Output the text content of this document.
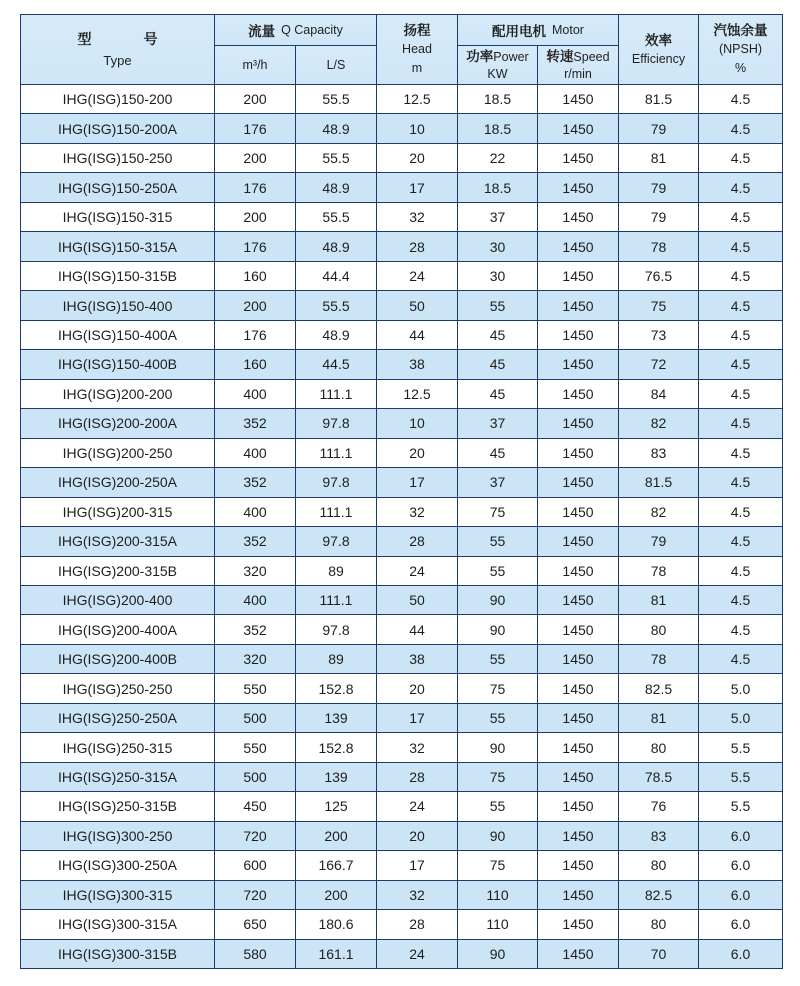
型	号
Type
流量 Q Capacity
m³/h	L/S
扬程
Head
m
配用电机 Motor
功率Power
KW
转速Speed
r/min
效率
Efficiency
汽蚀余量
(NPSH)
%
IHG(ISG)150-200	200	55.5	12.5	18.5	1450	81.5	4.5
IHG(ISG)150-200A	176	48.9	10	18.5	1450	79	4.5
IHG(ISG)150-250	200	55.5	20	22	1450	81	4.5
IHG(ISG)150-250A	176	48.9	17	18.5	1450	79	4.5
IHG(ISG)150-315	200	55.5	32	37	1450	79	4.5
IHG(ISG)150-315A	176	48.9	28	30	1450	78	4.5
IHG(ISG)150-315B	160	44.4	24	30	1450	76.5	4.5
IHG(ISG)150-400	200	55.5	50	55	1450	75	4.5
IHG(ISG)150-400A	176	48.9	44	45	1450	73	4.5
IHG(ISG)150-400B	160	44.5	38	45	1450	72	4.5
IHG(ISG)200-200	400	111.1	12.5	45	1450	84	4.5
IHG(ISG)200-200A	352	97.8	10	37	1450	82	4.5
IHG(ISG)200-250	400	111.1	20	45	1450	83	4.5
IHG(ISG)200-250A	352	97.8	17	37	1450	81.5	4.5
IHG(ISG)200-315	400	111.1	32	75	1450	82	4.5
IHG(ISG)200-315A	352	97.8	28	55	1450	79	4.5
IHG(ISG)200-315B	320	89	24	55	1450	78	4.5
IHG(ISG)200-400	400	111.1	50	90	1450	81	4.5
IHG(ISG)200-400A	352	97.8	44	90	1450	80	4.5
IHG(ISG)200-400B	320	89	38	55	1450	78	4.5
IHG(ISG)250-250	550	152.8	20	75	1450	82.5	5.0
IHG(ISG)250-250A	500	139	17	55	1450	81	5.0
IHG(ISG)250-315	550	152.8	32	90	1450	80	5.5
IHG(ISG)250-315A	500	139	28	75	1450	78.5	5.5
IHG(ISG)250-315B	450	125	24	55	1450	76	5.5
IHG(ISG)300-250	720	200	20	90	1450	83	6.0
IHG(ISG)300-250A	600	166.7	17	75	1450	80	6.0
IHG(ISG)300-315	720	200	32	110	1450	82.5	6.0
IHG(ISG)300-315A	650	180.6	28	110	1450	80	6.0
IHG(ISG)300-315B	580	161.1	24	90	1450	70	6.0
